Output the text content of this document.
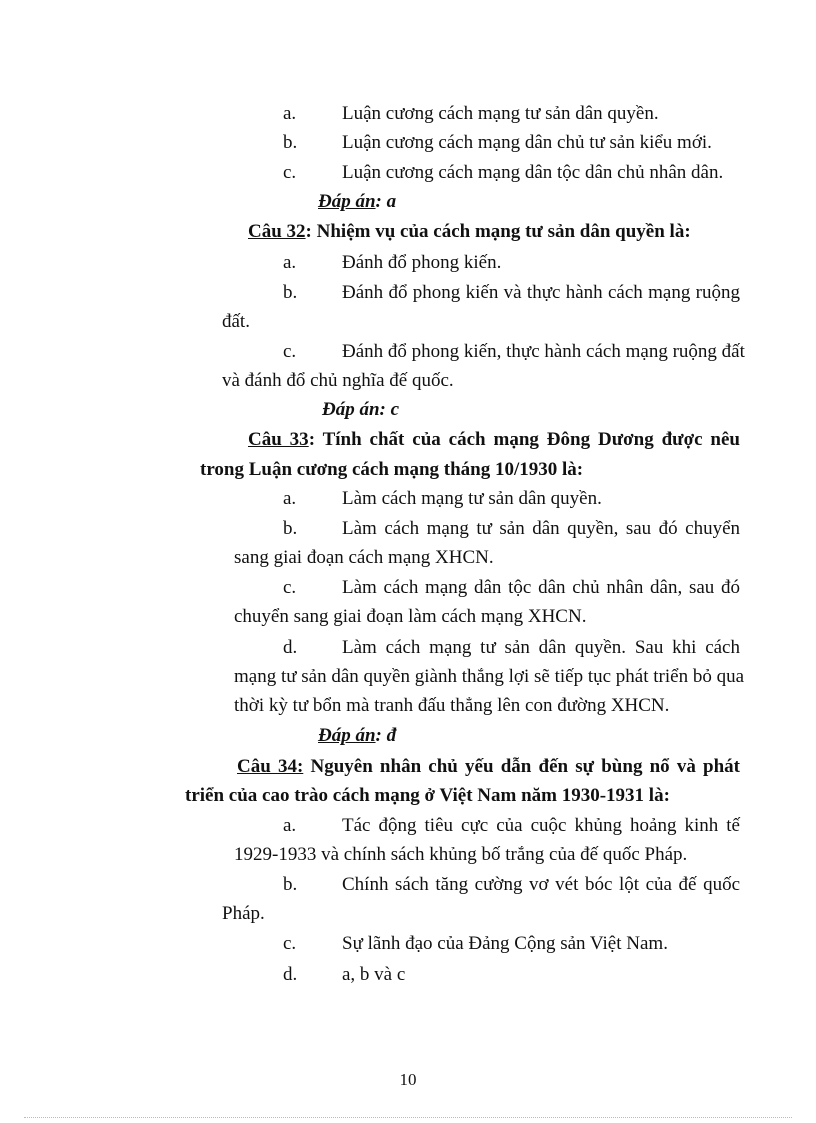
a. Luận cương cách mạng tư sản dân quyền.
b. Luận cương cách mạng dân chủ tư sản kiểu mới.
c. Luận cương cách mạng dân tộc dân chủ nhân dân.
Đáp án: a
Câu 32: Nhiệm vụ của cách mạng tư sản dân quyền là:
a. Đánh đổ phong kiến.
b. Đánh đổ phong kiến và thực hành cách mạng ruộng
đất.
c. Đánh đổ phong kiến, thực hành cách mạng ruộng đất
và đánh đổ chủ nghĩa đế quốc.
Đáp án: c
Câu 33: Tính chất của cách mạng Đông Dương được nêu
trong Luận cương cách mạng tháng 10/1930 là:
a. Làm cách mạng tư sản dân quyền.
b. Làm cách mạng tư sản dân quyền, sau đó chuyển
sang giai đoạn cách mạng XHCN.
c. Làm cách mạng dân tộc dân chủ nhân dân, sau đó
chuyển sang giai đoạn làm cách mạng XHCN.
d. Làm cách mạng tư sản dân quyền. Sau khi cách
mạng tư sản dân quyền giành thắng lợi sẽ tiếp tục phát triển bỏ qua
thời kỳ tư bổn mà tranh đấu thẳng lên con đường XHCN.
Đáp án: đ
Câu 34: Nguyên nhân chủ yếu dẫn đến sự bùng nổ và phát
triển của cao trào cách mạng ở Việt Nam năm 1930-1931 là:
a. Tác động tiêu cực của cuộc khủng hoảng kinh tế
1929-1933 và chính sách khủng bố trắng của đế quốc Pháp.
b. Chính sách tăng cường vơ vét bóc lột của đế quốc
Pháp.
c. Sự lãnh đạo của Đảng Cộng sản Việt Nam.
d. a, b và c
10
